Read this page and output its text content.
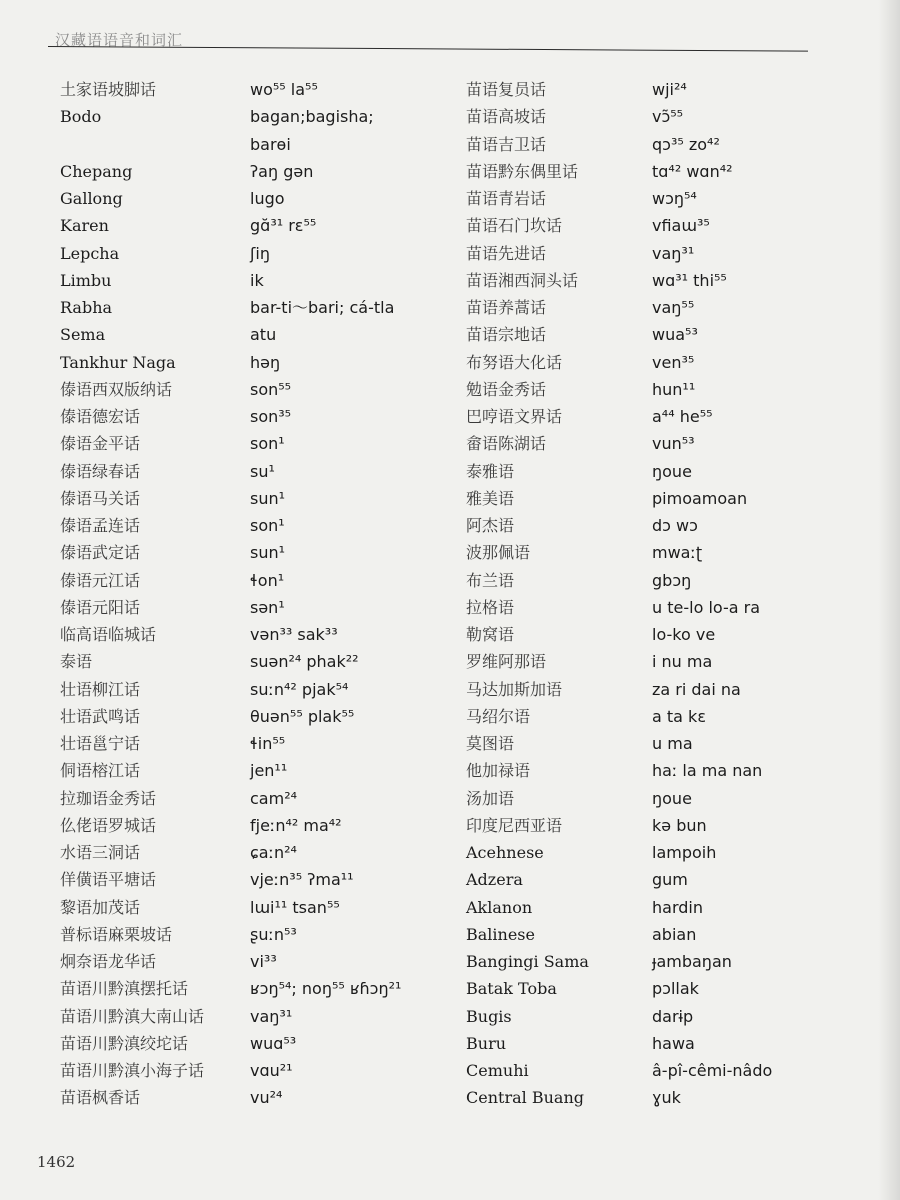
汉藏语语音和词汇
土家语坡脚话
Bodo
Chepang
Gallong
Karen
Lepcha
Limbu
Rabha
Sema
Tankhur Naga
傣语西双版纳话
傣语德宏话
傣语金平话
傣语绿春话
傣语马关话
傣语孟连话
傣语武定话
傣语元江话
傣语元阳话
临高语临城话
泰语
壮语柳江话
壮语武鸣话
壮语邕宁话
侗语榕江话
拉珈语金秀话
仫佬语罗城话
水语三洞话
佯僙语平塘话
黎语加茂话
普标语麻栗坡话
炯奈语龙华话
苗语川黔滇摆托话
苗语川黔滇大南山话
苗语川黔滇绞坨话
苗语川黔滇小海子话
苗语枫香话
wo⁵⁵ la⁵⁵
bagan;bagisha;
barɵi
ʔaŋ gən
lugo
gɑ̆³¹ rɛ⁵⁵
ʃiŋ
ik
bar-ti～bari; cá-tla
atu
həŋ
son⁵⁵
son³⁵
son¹
su¹
sun¹
son¹
sun¹
ɬon¹
sən¹
vən³³ sak³³
suən²⁴ phak²²
suːn⁴² pjak⁵⁴
θuən⁵⁵ plak⁵⁵
ɬin⁵⁵
jen¹¹
cam²⁴
fjeːn⁴² ma⁴²
ɕaːn²⁴
vjeːn³⁵ ʔma¹¹
lɯi¹¹ tsan⁵⁵
ʂuːn⁵³
vi³³
ʁɔŋ⁵⁴; noŋ⁵⁵ ʁɦɔŋ²¹
vaŋ³¹
wuɑ⁵³
vɑu²¹
vu²⁴
苗语复员话
苗语高坡话
苗语吉卫话
苗语黔东偶里话
苗语青岩话
苗语石门坎话
苗语先进话
苗语湘西洞头话
苗语养蒿话
苗语宗地话
布努语大化话
勉语金秀话
巴哼语文界话
畲语陈湖话
泰雅语
雅美语
阿杰语
波那佩语
布兰语
拉格语
勒窝语
罗维阿那语
马达加斯加语
马绍尔语
莫图语
他加禄语
汤加语
印度尼西亚语
Acehnese
Adzera
Aklanon
Balinese
Bangingi Sama
Batak Toba
Bugis
Buru
Cemuhi
Central Buang
wji²⁴
vɔ̃⁵⁵
qɔ³⁵ zo⁴²
tɑ⁴² wɑn⁴²
wɔŋ⁵⁴
vfiaɯ³⁵
vaŋ³¹
wɑ³¹ thi⁵⁵
vaŋ⁵⁵
wua⁵³
ven³⁵
hun¹¹
a⁴⁴ he⁵⁵
vun⁵³
ŋoue
pimoamoan
dɔ wɔ
mwaːʈ
gbɔŋ
u te-lo lo-a ra
lo-ko ve
i nu ma
za ri dai na
a ta kɛ
u ma
haː la ma nan
ŋoue
kə bun
lampoih
gum
hardin
abian
ɟambaŋan
pɔllak
darɨp
hawa
â-pî-cêmi-nâdo
ɣuk
1462
